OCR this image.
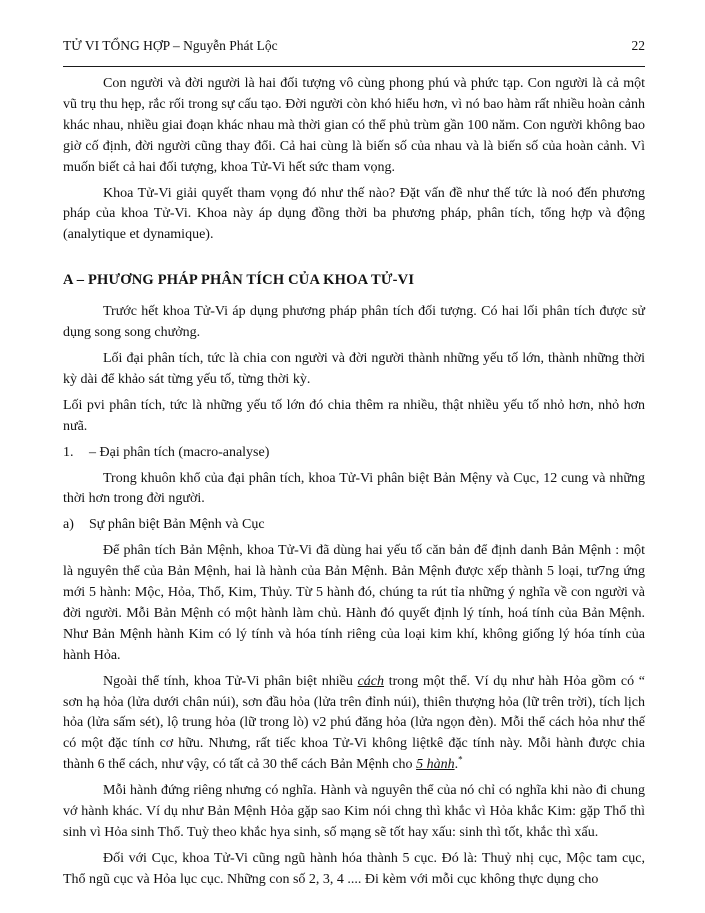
TỬ VI TỔNG HỢP – Nguyễn Phát Lộc	22

Con người và đời người là hai đối tượng vô cùng phong phú và phức tạp. Con người là cả một vũ trụ thu hẹp, rắc rối trong sự cấu tạo. Đời người còn khó hiểu hơn, vì nó bao hàm rất nhiều hoàn cảnh khác nhau, nhiều giai đoạn khác nhau mà thời gian có thể phủ trùm gần 100 năm. Con người không bao giờ cố định, đời người cũng thay đổi. Cả hai cùng là biến số của nhau và là biến số của hoàn cảnh. Vì muốn biết cả hai đối tượng, khoa Tử-Vi hết sức tham vọng.

Khoa Tử-Vi giải quyết tham vọng đó như thế nào? Đặt vấn đề như thế tức là noó đến phương pháp của khoa Tử-Vi. Khoa này áp dụng đồng thời ba phương pháp, phân tích, tổng hợp và động (analytique et dynamique).

A – PHƯƠNG PHÁP PHÂN TÍCH CỦA KHOA TỬ-VI

Trước hết khoa Tử-Vi áp dụng phương pháp phân tích đối tượng. Có hai lối phân tích được sử dụng song song chưởng.

Lối đại phân tích, tức là chia con người và đời người thành những yếu tố lớn, thành những thời kỳ dài để khảo sát từng yếu tố, từng thời kỳ.

Lối pvi phân tích, tức là những yếu tố lớn đó chia thêm ra nhiều, thật nhiều yếu tố nhỏ hơn, nhỏ hơn nưã.

1.	– Đại phân tích (macro-analyse)

Trong khuôn khổ của đại phân tích, khoa Tử-Vi phân biệt Bản Mệny và Cục, 12 cung và những thời hơn trong đời người.

a)	Sự phân biệt Bản Mệnh và Cục

Để phân tích Bản Mệnh, khoa Tử-Vi đã dùng hai yếu tố căn bản để định danh Bản Mệnh : một là nguyên thể của Bản Mệnh, hai là hành của Bản Mệnh. Bản Mệnh được xếp thành 5 loại, tư7ng ứng mới 5 hành: Mộc, Hỏa, Thổ, Kim, Thủy. Từ 5 hành đó, chúng ta rút tỉa những ý nghĩa về con người và đời người. Mỗi Bản Mệnh có một hành làm chủ. Hành đó quyết định lý tính, hoá tính của Bản Mệnh. Như Bản Mệnh hành Kim có lý tính và hóa tính riêng của loại kim khí, không giống lý hóa tính của hành Hỏa.

Ngoài thể tính, khoa Tử-Vi phân biệt nhiều cách trong một thể. Ví dụ như hàh Hỏa gồm có “ sơn hạ hỏa (lửa dưới chân núi), sơn đầu hỏa (lửa trên đỉnh núi), thiên thượng hỏa (lữ trên trời), tích lịch hỏa (lửa sấm sét), lộ trung hỏa (lữ trong lò) v2 phú đăng hỏa (lửa ngọn đèn). Mỗi thể cách hỏa như thế có một đặc tính cơ hữu. Nhưng, rất tiếc khoa Tử-Vi không liệtkê đặc tính này. Mỗi hành được chia thành 6 thể cách, như vậy, có tất cả 30 thể cách Bản Mệnh cho 5 hành.*

Mỗi hành đứng riêng nhưng có nghĩa. Hành và nguyên thể của nó chỉ có nghĩa khi nào đi chung vớ hành khác. Ví dụ như Bản Mệnh Hỏa gặp sao Kim nói chng thì khắc vì Hỏa khắc Kim: gặp Thổ thì sinh vì Hỏa sinh Thổ. Tuỳ theo khắc hya sinh, số mạng sẽ tốt hay xấu: sinh thì tốt, khắc thì xấu.

Đối với Cục, khoa Tử-Vi cũng ngũ hành hóa thành 5 cục. Đó là: Thuỷ nhị cục, Mộc tam cục, Thổ ngũ cục và Hỏa lục cục. Những con số 2, 3, 4 .... Đi kèm với mỗi cục không thực dụng cho
